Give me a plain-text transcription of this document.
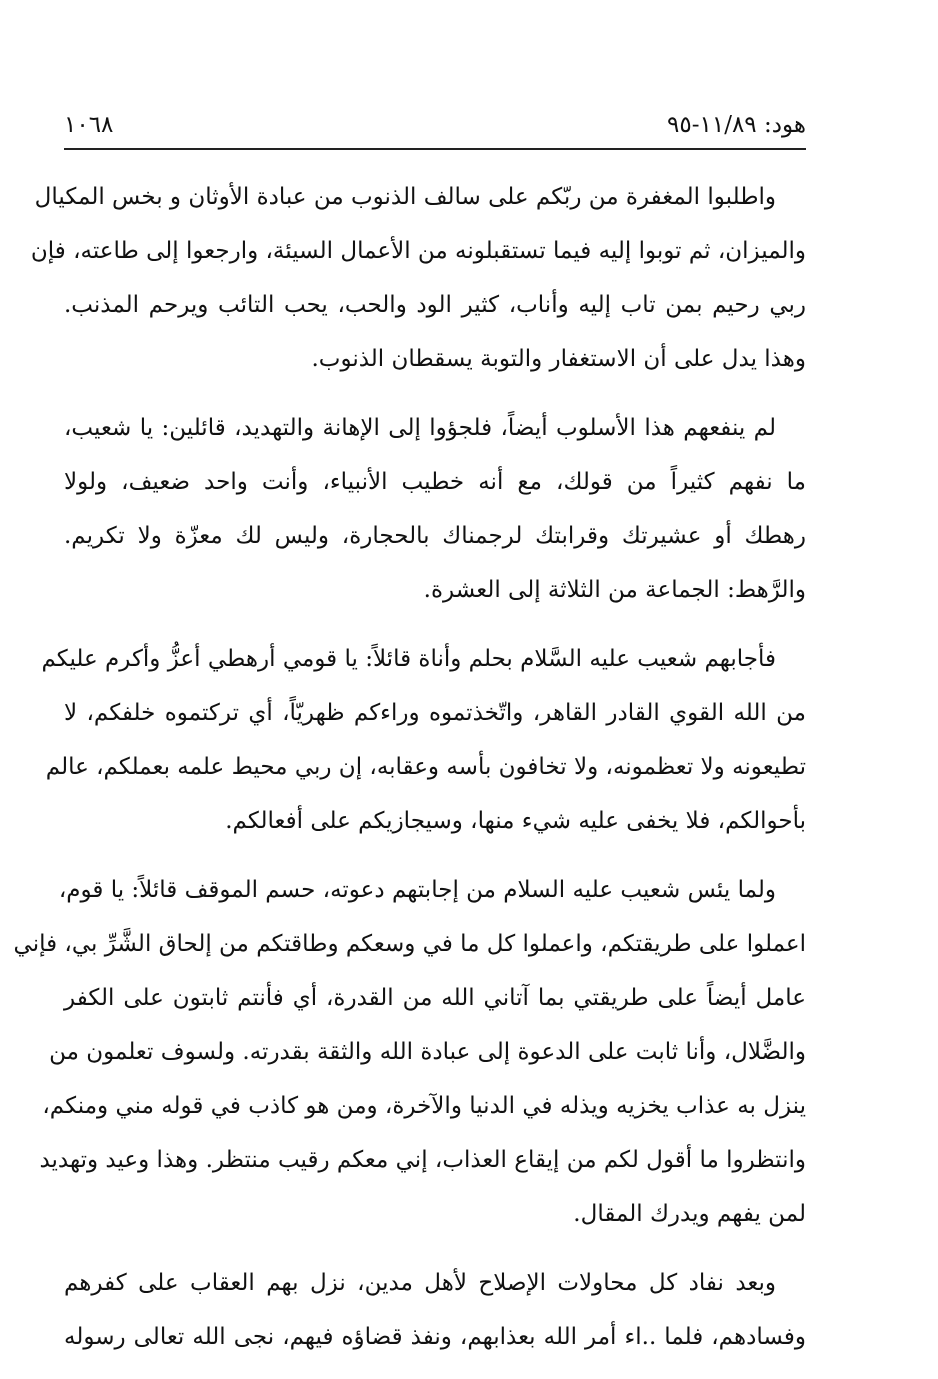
هود: ١١/٨٩-٩٥
١٠٦٨
واطلبوا المغفرة من ربّكم على سالف الذنوب من عبادة الأوثان و بخس المكيال
والميزان، ثم توبوا إليه فيما تستقبلونه من الأعمال السيئة، وارجعوا إلى طاعته، فإن
ربي رحيم بمن تاب إليه وأناب، كثير الود والحب، يحب التائب ويرحم المذنب.
وهذا يدل على أن الاستغفار والتوبة يسقطان الذنوب.
لم ينفعهم هذا الأسلوب أيضاً، فلجؤوا إلى الإهانة والتهديد، قائلين: يا شعيب،
ما نفهم كثيراً من قولك، مع أنه خطيب الأنبياء، وأنت واحد ضعيف، ولولا
رهطك أو عشيرتك وقرابتك لرجمناك بالحجارة، وليس لك معزّة ولا تكريم.
والرَّهط: الجماعة من الثلاثة إلى العشرة.
فأجابهم شعيب عليه السَّلام بحلم وأناة قائلاً: يا قومي أرهطي أعزُّ وأكرم عليكم
من الله القوي القادر القاهر، واتّخذتموه وراءكم ظهريّاً، أي تركتموه خلفكم، لا
تطيعونه ولا تعظمونه، ولا تخافون بأسه وعقابه، إن ربي محيط علمه بعملكم، عالم
بأحوالكم، فلا يخفى عليه شيء منها، وسيجازيكم على أفعالكم.
ولما يئس شعيب عليه السلام من إجابتهم دعوته، حسم الموقف قائلاً: يا قوم،
اعملوا على طريقتكم، واعملوا كل ما في وسعكم وطاقتكم من إلحاق الشَّرِّ بي، فإني
عامل أيضاً على طريقتي بما آتاني الله من القدرة، أي فأنتم ثابتون على الكفر
والضَّلال، وأنا ثابت على الدعوة إلى عبادة الله والثقة بقدرته. ولسوف تعلمون من
ينزل به عذاب يخزيه ويذله في الدنيا والآخرة، ومن هو كاذب في قوله مني ومنكم،
وانتظروا ما أقول لكم من إيقاع العذاب، إني معكم رقيب منتظر. وهذا وعيد وتهديد
لمن يفهم ويدرك المقال.
وبعد نفاد كل محاولات الإصلاح لأهل مدين، نزل بهم العقاب على كفرهم
وفسادهم، فلما ..اء أمر الله بعذابهم، ونفذ قضاؤه فيهم، نجى الله تعالى رسوله
